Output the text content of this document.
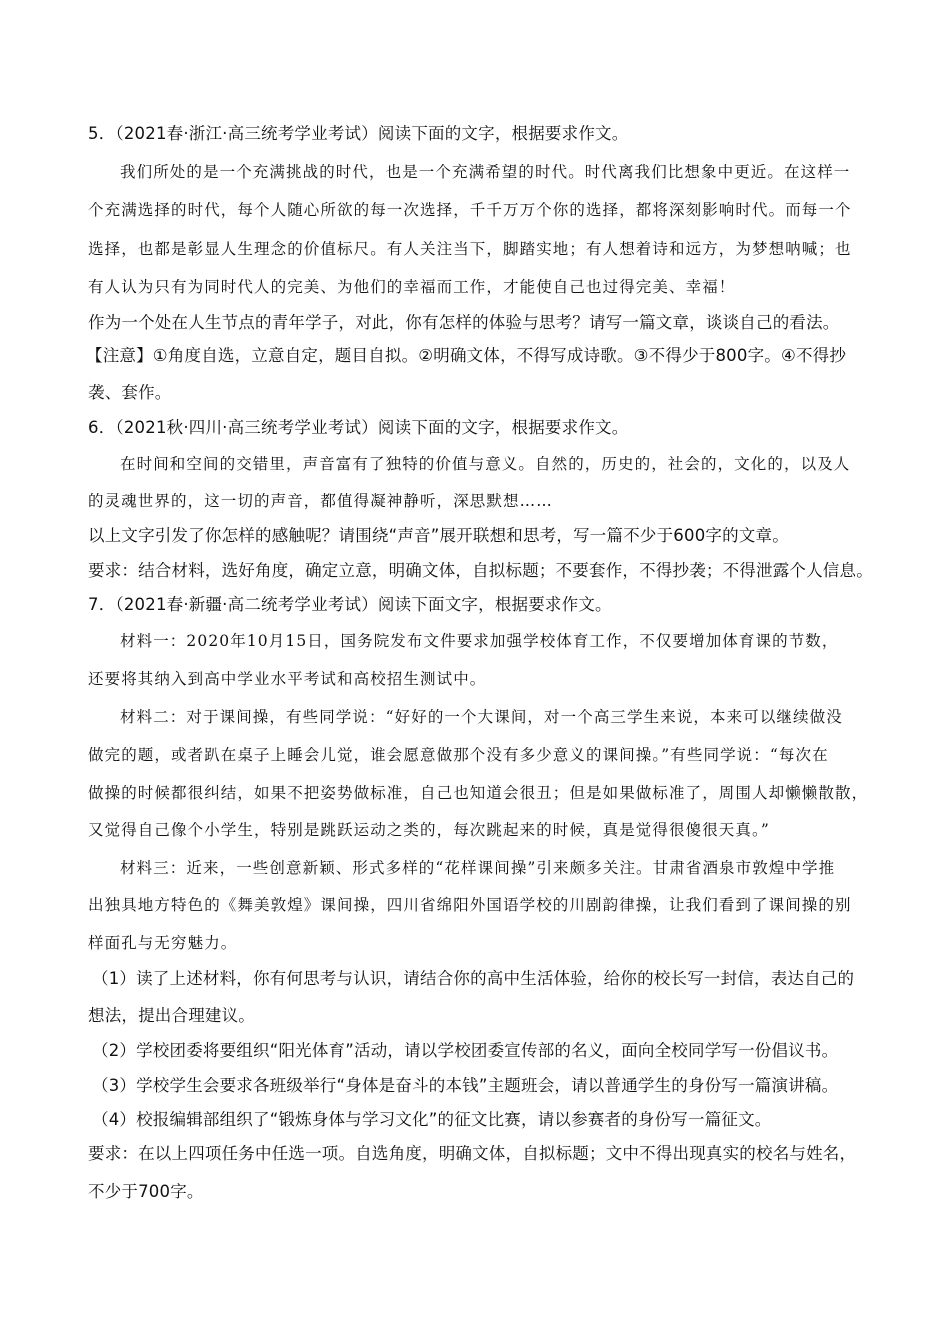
5．（2021春·浙江·高三统考学业考试）阅读下面的文字，根据要求作文。
我们所处的是一个充满挑战的时代，也是一个充满希望的时代。时代离我们比想象中更近。在这样一
个充满选择的时代，每个人随心所欲的每一次选择，千千万万个你的选择，都将深刻影响时代。而每一个
选择，也都是彰显人生理念的价值标尺。有人关注当下，脚踏实地；有人想着诗和远方，为梦想呐喊；也
有人认为只有为同时代人的完美、为他们的幸福而工作，才能使自己也过得完美、幸福！
作为一个处在人生节点的青年学子，对此，你有怎样的体验与思考？请写一篇文章，谈谈自己的看法。
【注意】①角度自选，立意自定，题目自拟。②明确文体，不得写成诗歌。③不得少于800字。④不得抄
袭、套作。
6．（2021秋·四川·高三统考学业考试）阅读下面的文字，根据要求作文。
在时间和空间的交错里，声音富有了独特的价值与意义。自然的，历史的，社会的，文化的，以及人
的灵魂世界的，这一切的声音，都值得凝神静听，深思默想……
以上文字引发了你怎样的感触呢？请围绕“声音”展开联想和思考，写一篇不少于600字的文章。
要求：结合材料，选好角度，确定立意，明确文体，自拟标题；不要套作，不得抄袭；不得泄露个人信息。
7．（2021春·新疆·高二统考学业考试）阅读下面文字，根据要求作文。
材料一：2020年10月15日，国务院发布文件要求加强学校体育工作，不仅要增加体育课的节数，
还要将其纳入到高中学业水平考试和高校招生测试中。
材料二：对于课间操，有些同学说：“好好的一个大课间，对一个高三学生来说，本来可以继续做没
做完的题，或者趴在桌子上睡会儿觉，谁会愿意做那个没有多少意义的课间操。”有些同学说：“每次在
做操的时候都很纠结，如果不把姿势做标准，自己也知道会很丑；但是如果做标准了，周围人却懒懒散散，
又觉得自己像个小学生，特别是跳跃运动之类的，每次跳起来的时候，真是觉得很傻很天真。”
材料三：近来，一些创意新颖、形式多样的“花样课间操”引来颇多关注。甘肃省酒泉市敦煌中学推
出独具地方特色的《舞美敦煌》课间操，四川省绵阳外国语学校的川剧韵律操，让我们看到了课间操的别
样面孔与无穷魅力。
（1）读了上述材料，你有何思考与认识，请结合你的高中生活体验，给你的校长写一封信，表达自己的
想法，提出合理建议。
（2）学校团委将要组织“阳光体育”活动，请以学校团委宣传部的名义，面向全校同学写一份倡议书。
（3）学校学生会要求各班级举行“身体是奋斗的本钱”主题班会，请以普通学生的身份写一篇演讲稿。
（4）校报编辑部组织了“锻炼身体与学习文化”的征文比赛，请以参赛者的身份写一篇征文。
要求：在以上四项任务中任选一项。自选角度，明确文体，自拟标题；文中不得出现真实的校名与姓名，
不少于700字。
